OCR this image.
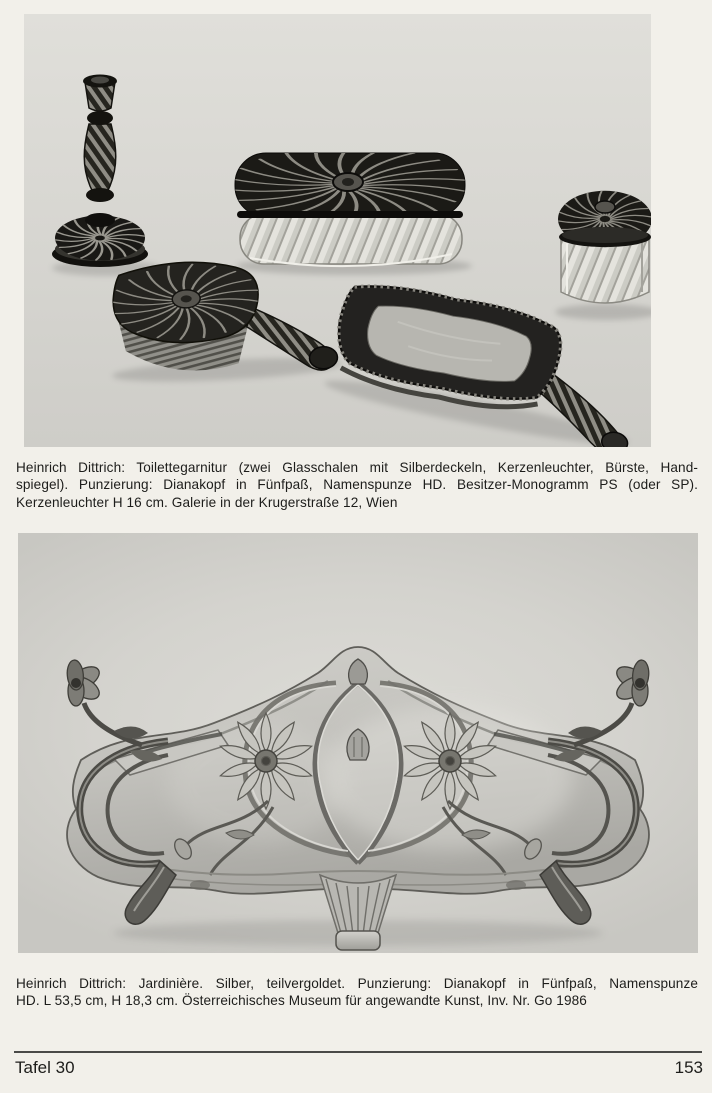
Heinrich Dittrich: Toilettegarnitur (zwei Glasschalen mit Silberdeckeln, Kerzenleuchter, Bürste, Hand-
spiegel). Punzierung: Dianakopf in Fünfpaß, Namenspunze HD. Besitzer-Monogramm PS (oder SP).
Kerzenleuchter H 16 cm. Galerie in der Krugerstraße 12, Wien

Heinrich Dittrich: Jardinière. Silber, teilvergoldet. Punzierung: Dianakopf in Fünfpaß, Namenspunze
HD. L 53,5 cm, H 18,3 cm. Österreichisches Museum für angewandte Kunst, Inv. Nr. Go 1986

Tafel 30	153
